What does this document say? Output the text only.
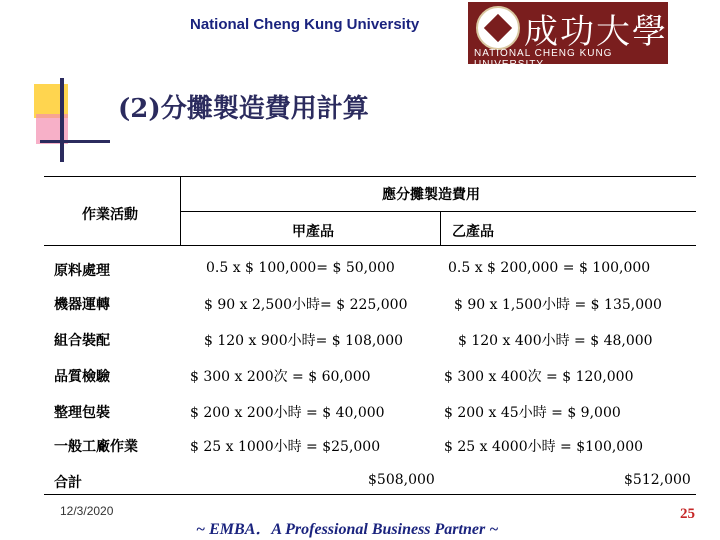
National Cheng Kung University	成功大學
NATIONAL CHENG KUNG UNIVERSITY
(2)分攤製造費用計算
作業活動
應分攤製造費用
甲產品	乙產品
原料處理	0.5 x $ 100,000= $ 50,000	0.5 x $ 200,000 = $ 100,000
機器運轉	$ 90 x 2,500小時= $ 225,000	$ 90 x 1,500小時 = $ 135,000
組合裝配	$ 120 x 900小時= $ 108,000	$ 120 x 400小時 = $ 48,000
品質檢驗	$ 300 x 200次 = $ 60,000	$ 300 x 400次 = $ 120,000
整理包裝	$ 200 x 200小時 = $ 40,000	$ 200 x 45小時 = $ 9,000
一般工廠作業	$ 25 x 1000小時 = $25,000	$ 25 x 4000小時 = $100,000
合計	$508,000	$512,000
12/3/2020
~ EMBA．A Professional Business Partner ~
25
